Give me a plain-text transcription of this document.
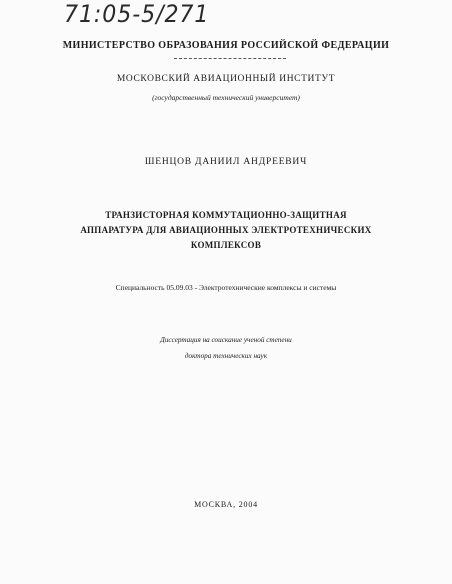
71:05-5/271
МИНИСТЕРСТВО ОБРАЗОВАНИЯ РОССИЙСКОЙ ФЕДЕРАЦИИ
МОСКОВСКИЙ АВИАЦИОННЫЙ ИНСТИТУТ
(государственный технический университет)
ШЕНЦОВ ДАНИИЛ АНДРЕЕВИЧ
ТРАНЗИСТОРНАЯ КОММУТАЦИОННО-ЗАЩИТНАЯ
АППАРАТУРА ДЛЯ АВИАЦИОННЫХ ЭЛЕКТРОТЕХНИЧЕСКИХ
КОМПЛЕКСОВ
Специальность 05.09.03 - Электротехнические комплексы и системы
Диссертация на соискание ученой степени
доктора технических наук
МОСКВА, 2004
